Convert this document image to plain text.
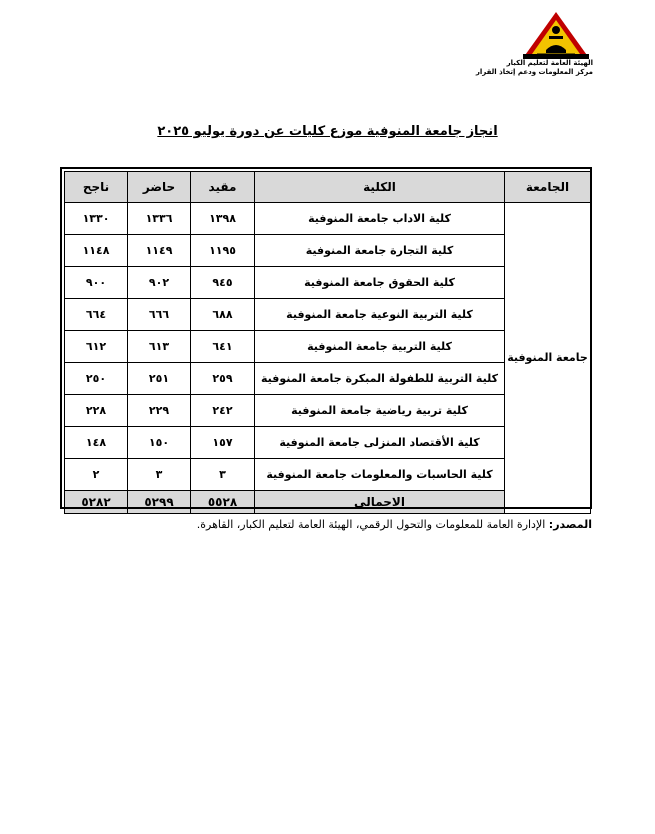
الهيئة العامة لتعليم الكبار
مركز المعلومات ودعم إتخاذ القرار
انجاز جامعة المنوفية موزع كليات عن دورة يوليو ٢٠٢٥
الجامعة	الكلية	مقيد	حاضر	ناجح
جامعة المنوفية	كلية الاداب جامعة المنوفية	١٣٩٨	١٣٣٦	١٣٣٠
	كلية التجارة جامعة المنوفية	١١٩٥	١١٤٩	١١٤٨
	كلية الحقوق جامعة المنوفية	٩٤٥	٩٠٢	٩٠٠
	كلية التربية النوعية جامعة المنوفية	٦٨٨	٦٦٦	٦٦٤
	كلية التربية جامعة المنوفية	٦٤١	٦١٣	٦١٢
	كلية التربية للطفولة المبكرة جامعة المنوفية	٢٥٩	٢٥١	٢٥٠
	كلية تربية رياضية جامعة المنوفية	٢٤٢	٢٢٩	٢٢٨
	كلية الأقتصاد المنزلى جامعة المنوفية	١٥٧	١٥٠	١٤٨
	كلية الحاسبات والمعلومات جامعة المنوفية	٣	٣	٢
	الاجمالي	٥٥٢٨	٥٢٩٩	٥٢٨٢
المصدر: الإدارة العامة للمعلومات والتحول الرقمي، الهيئة العامة لتعليم الكبار، القاهرة.
